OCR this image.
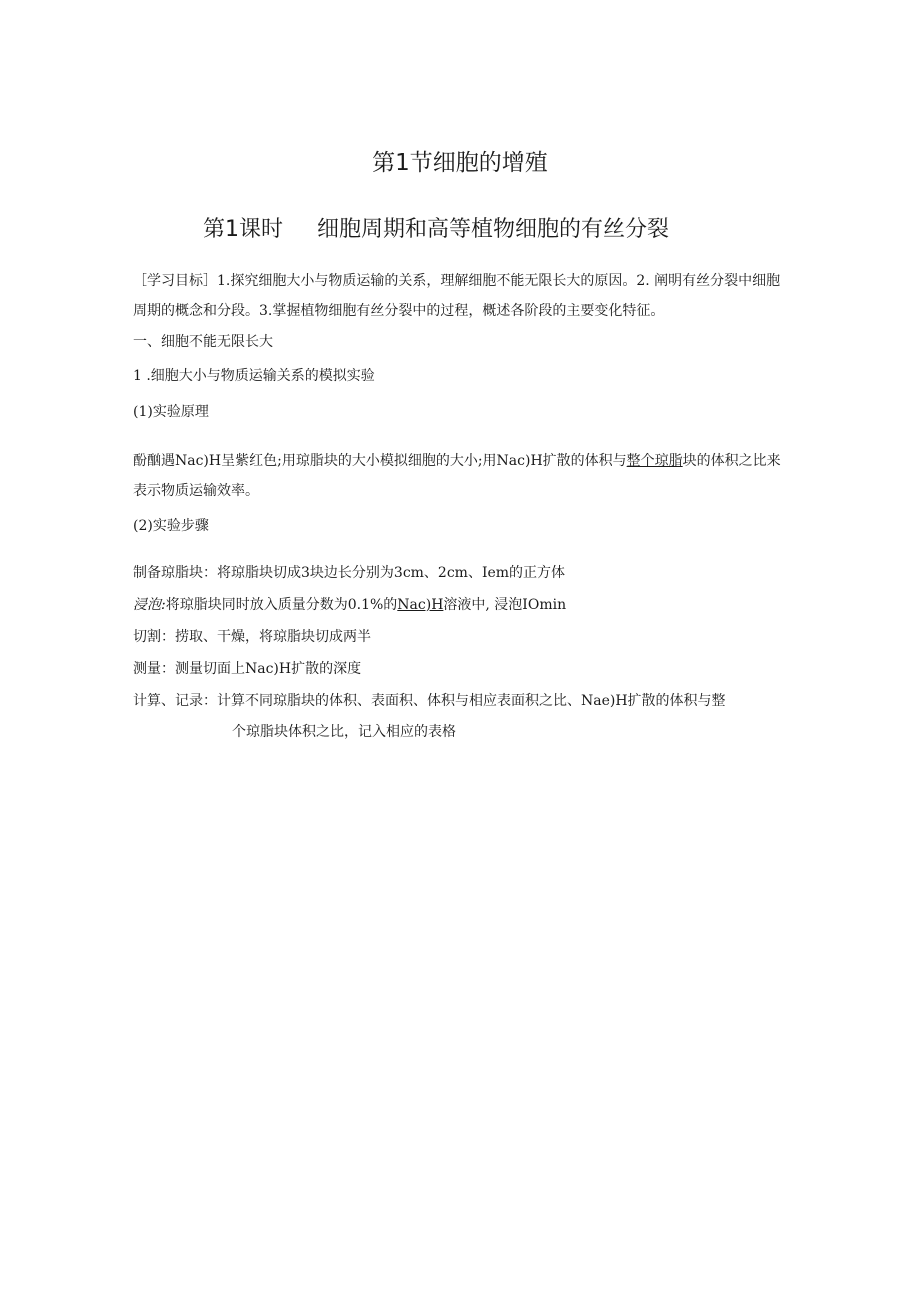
第1节细胞的增殖
第1课时 细胞周期和高等植物细胞的有丝分裂
［学习目标］1.探究细胞大小与物质运输的关系，理解细胞不能无限长大的原因。2. 阐明有丝分裂中细胞周期的概念和分段。3.掌握植物细胞有丝分裂中的过程，概述各阶段的主要变化特征。
一、细胞不能无限长大
1 .细胞大小与物质运输关系的模拟实验
(1)实验原理
酚酗遇Nac)H呈紫红色;用琼脂块的大小模拟细胞的大小;用Nac)H扩散的体积与整个琼脂块的体积之比来表示物质运输效率。
(2)实验步骤
制备琼脂块：将琼脂块切成3块边长分别为3cm、2cm、Iem的正方体
浸泡:将琼脂块同时放入质量分数为0.1%的Nac)H溶液中, 浸泡IOmin
切割：捞取、干燥，将琼脂块切成两半
测量：测量切面上Nac)H扩散的深度
计算、记录：计算不同琼脂块的体积、表面积、体积与相应表面积之比、Nae)H扩散的体积与整
个琼脂块体积之比，记入相应的表格
